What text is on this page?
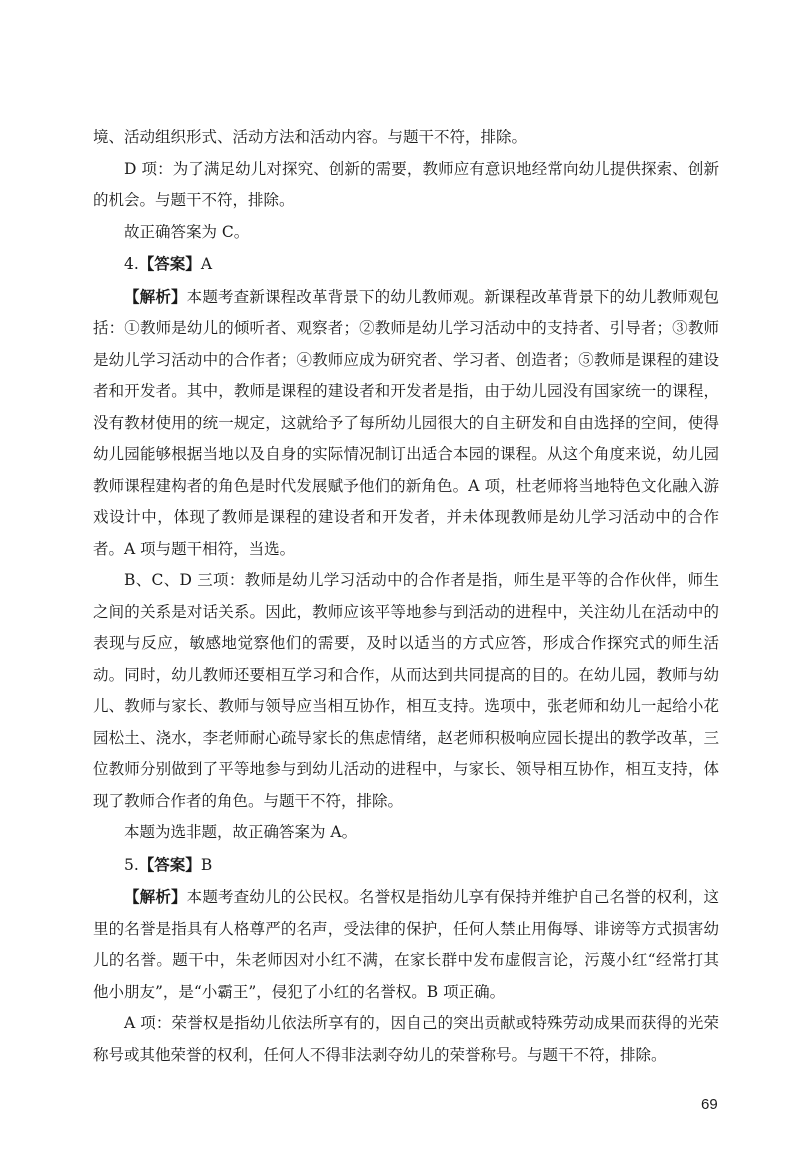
境、活动组织形式、活动方法和活动内容。与题干不符，排除。

D 项：为了满足幼儿对探究、创新的需要，教师应有意识地经常向幼儿提供探索、创新的机会。与题干不符，排除。

故正确答案为 C。

4.【答案】A

【解析】本题考查新课程改革背景下的幼儿教师观。新课程改革背景下的幼儿教师观包括：①教师是幼儿的倾听者、观察者；②教师是幼儿学习活动中的支持者、引导者；③教师是幼儿学习活动中的合作者；④教师应成为研究者、学习者、创造者；⑤教师是课程的建设者和开发者。其中，教师是课程的建设者和开发者是指，由于幼儿园没有国家统一的课程，没有教材使用的统一规定，这就给予了每所幼儿园很大的自主研发和自由选择的空间，使得幼儿园能够根据当地以及自身的实际情况制订出适合本园的课程。从这个角度来说，幼儿园教师课程建构者的角色是时代发展赋予他们的新角色。A 项，杜老师将当地特色文化融入游戏设计中，体现了教师是课程的建设者和开发者，并未体现教师是幼儿学习活动中的合作者。A 项与题干相符，当选。

B、C、D 三项：教师是幼儿学习活动中的合作者是指，师生是平等的合作伙伴，师生之间的关系是对话关系。因此，教师应该平等地参与到活动的进程中，关注幼儿在活动中的表现与反应，敏感地觉察他们的需要，及时以适当的方式应答，形成合作探究式的师生活动。同时，幼儿教师还要相互学习和合作，从而达到共同提高的目的。在幼儿园，教师与幼儿、教师与家长、教师与领导应当相互协作，相互支持。选项中，张老师和幼儿一起给小花园松土、浇水，李老师耐心疏导家长的焦虑情绪，赵老师积极响应园长提出的教学改革，三位教师分别做到了平等地参与到幼儿活动的进程中，与家长、领导相互协作，相互支持，体现了教师合作者的角色。与题干不符，排除。

本题为选非题，故正确答案为 A。

5.【答案】B

【解析】本题考查幼儿的公民权。名誉权是指幼儿享有保持并维护自己名誉的权利，这里的名誉是指具有人格尊严的名声，受法律的保护，任何人禁止用侮辱、诽谤等方式损害幼儿的名誉。题干中，朱老师因对小红不满，在家长群中发布虚假言论，污蔑小红“经常打其他小朋友”，是“小霸王”，侵犯了小红的名誉权。B 项正确。

A 项：荣誉权是指幼儿依法所享有的，因自己的突出贡献或特殊劳动成果而获得的光荣称号或其他荣誉的权利，任何人不得非法剥夺幼儿的荣誉称号。与题干不符，排除。

69
